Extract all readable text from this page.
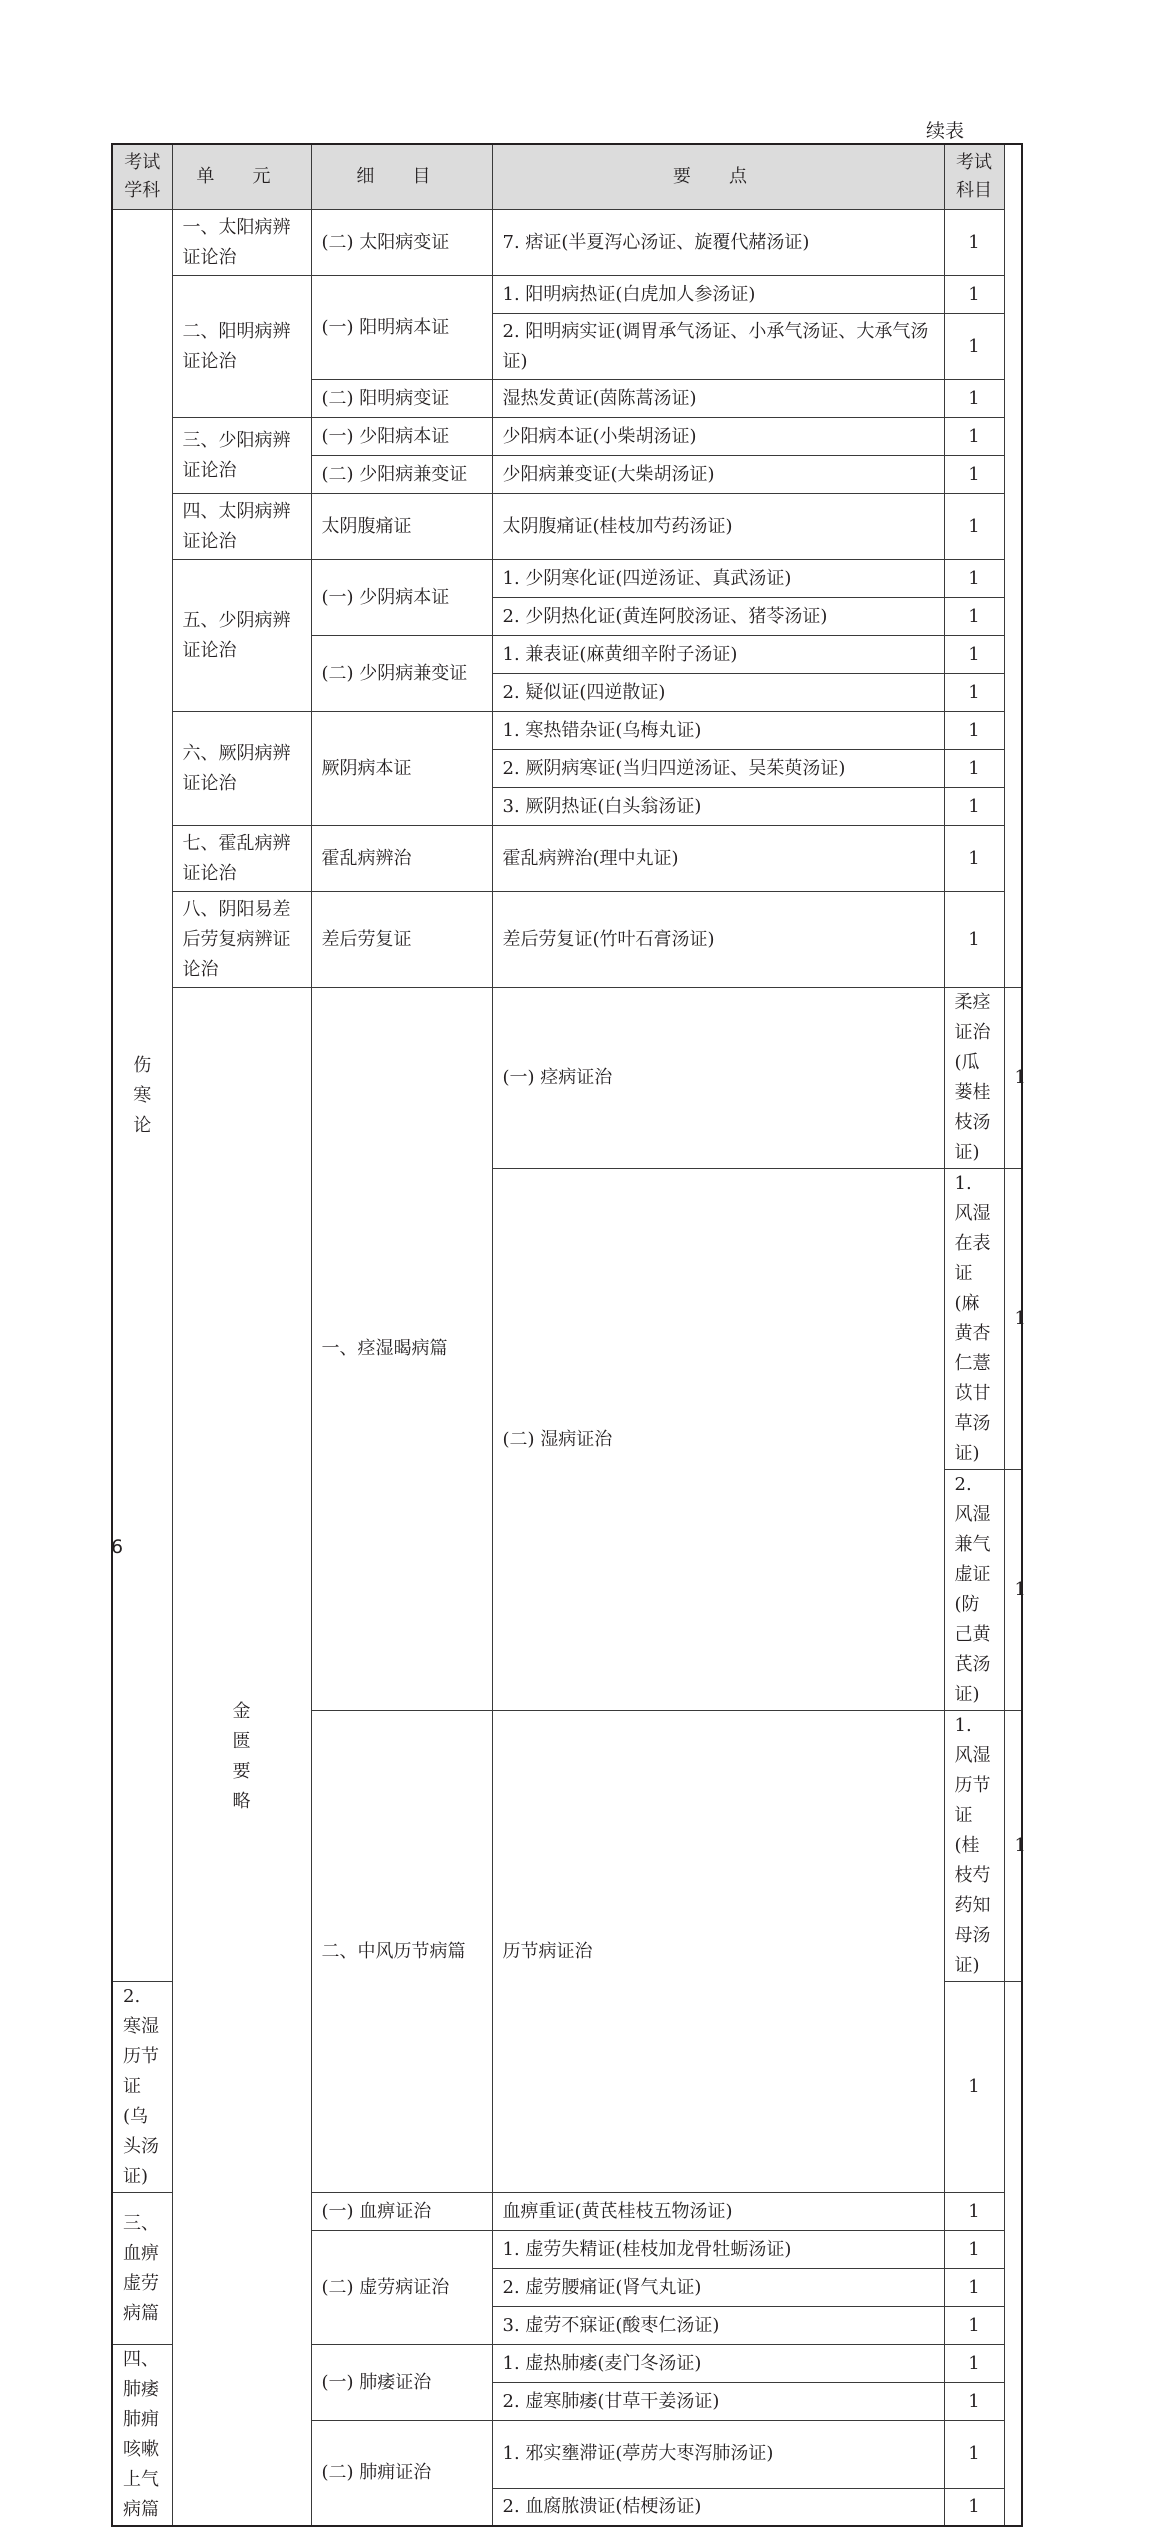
续表
考试学科	单 元	细 目	要 点	考试科目	
伤寒论	一、太阳病辨证论治	(二) 太阳病变证	7. 痞证(半夏泻心汤证、旋覆代赭汤证)	1	
	二、阳明病辨证论治	(一) 阳明病本证	1. 阳明病热证(白虎加人参汤证)	1	
			2. 阳明病实证(调胃承气汤证、小承气汤证、大承气汤证)	1	
		(二) 阳明病变证	湿热发黄证(茵陈蒿汤证)	1	
	三、少阳病辨证论治	(一) 少阳病本证	少阳病本证(小柴胡汤证)	1	
		(二) 少阳病兼变证	少阳病兼变证(大柴胡汤证)	1	
	四、太阴病辨证论治	太阴腹痛证	太阴腹痛证(桂枝加芍药汤证)	1	
	五、少阴病辨证论治	(一) 少阴病本证	1. 少阴寒化证(四逆汤证、真武汤证)	1	
			2. 少阴热化证(黄连阿胶汤证、猪苓汤证)	1	
		(二) 少阴病兼变证	1. 兼表证(麻黄细辛附子汤证)	1	
			2. 疑似证(四逆散证)	1	
	六、厥阴病辨证论治	厥阴病本证	1. 寒热错杂证(乌梅丸证)	1	
			2. 厥阴病寒证(当归四逆汤证、吴茱萸汤证)	1	
			3. 厥阴热证(白头翁汤证)	1	
	七、霍乱病辨证论治	霍乱病辨治	霍乱病辨治(理中丸证)	1	
	八、阴阳易差后劳复病辨证论治	差后劳复证	差后劳复证(竹叶石膏汤证)	1	
	金匮要略	一、痉湿暍病篇	(一) 痉病证治	柔痉证治(瓜蒌桂枝汤证)	1
			(二) 湿病证治	1. 风湿在表证(麻黄杏仁薏苡甘草汤证)	1
				2. 风湿兼气虚证(防己黄芪汤证)	1
		二、中风历节病篇	历节病证治	1. 风湿历节证(桂枝芍药知母汤证)	1
2. 寒湿历节证(乌头汤证)				1	
三、血痹虚劳病篇		(一) 血痹证治	血痹重证(黄芪桂枝五物汤证)	1	
		(二) 虚劳病证治	1. 虚劳失精证(桂枝加龙骨牡蛎汤证)	1	
			2. 虚劳腰痛证(肾气丸证)	1	
			3. 虚劳不寐证(酸枣仁汤证)	1	
四、肺痿肺痈咳嗽上气病篇		(一) 肺痿证治	1. 虚热肺痿(麦门冬汤证)	1	
			2. 虚寒肺痿(甘草干姜汤证)	1	
		(二) 肺痈证治	1. 邪实壅滞证(葶苈大枣泻肺汤证)	1	
			2. 血腐脓溃证(桔梗汤证)	1	
6
